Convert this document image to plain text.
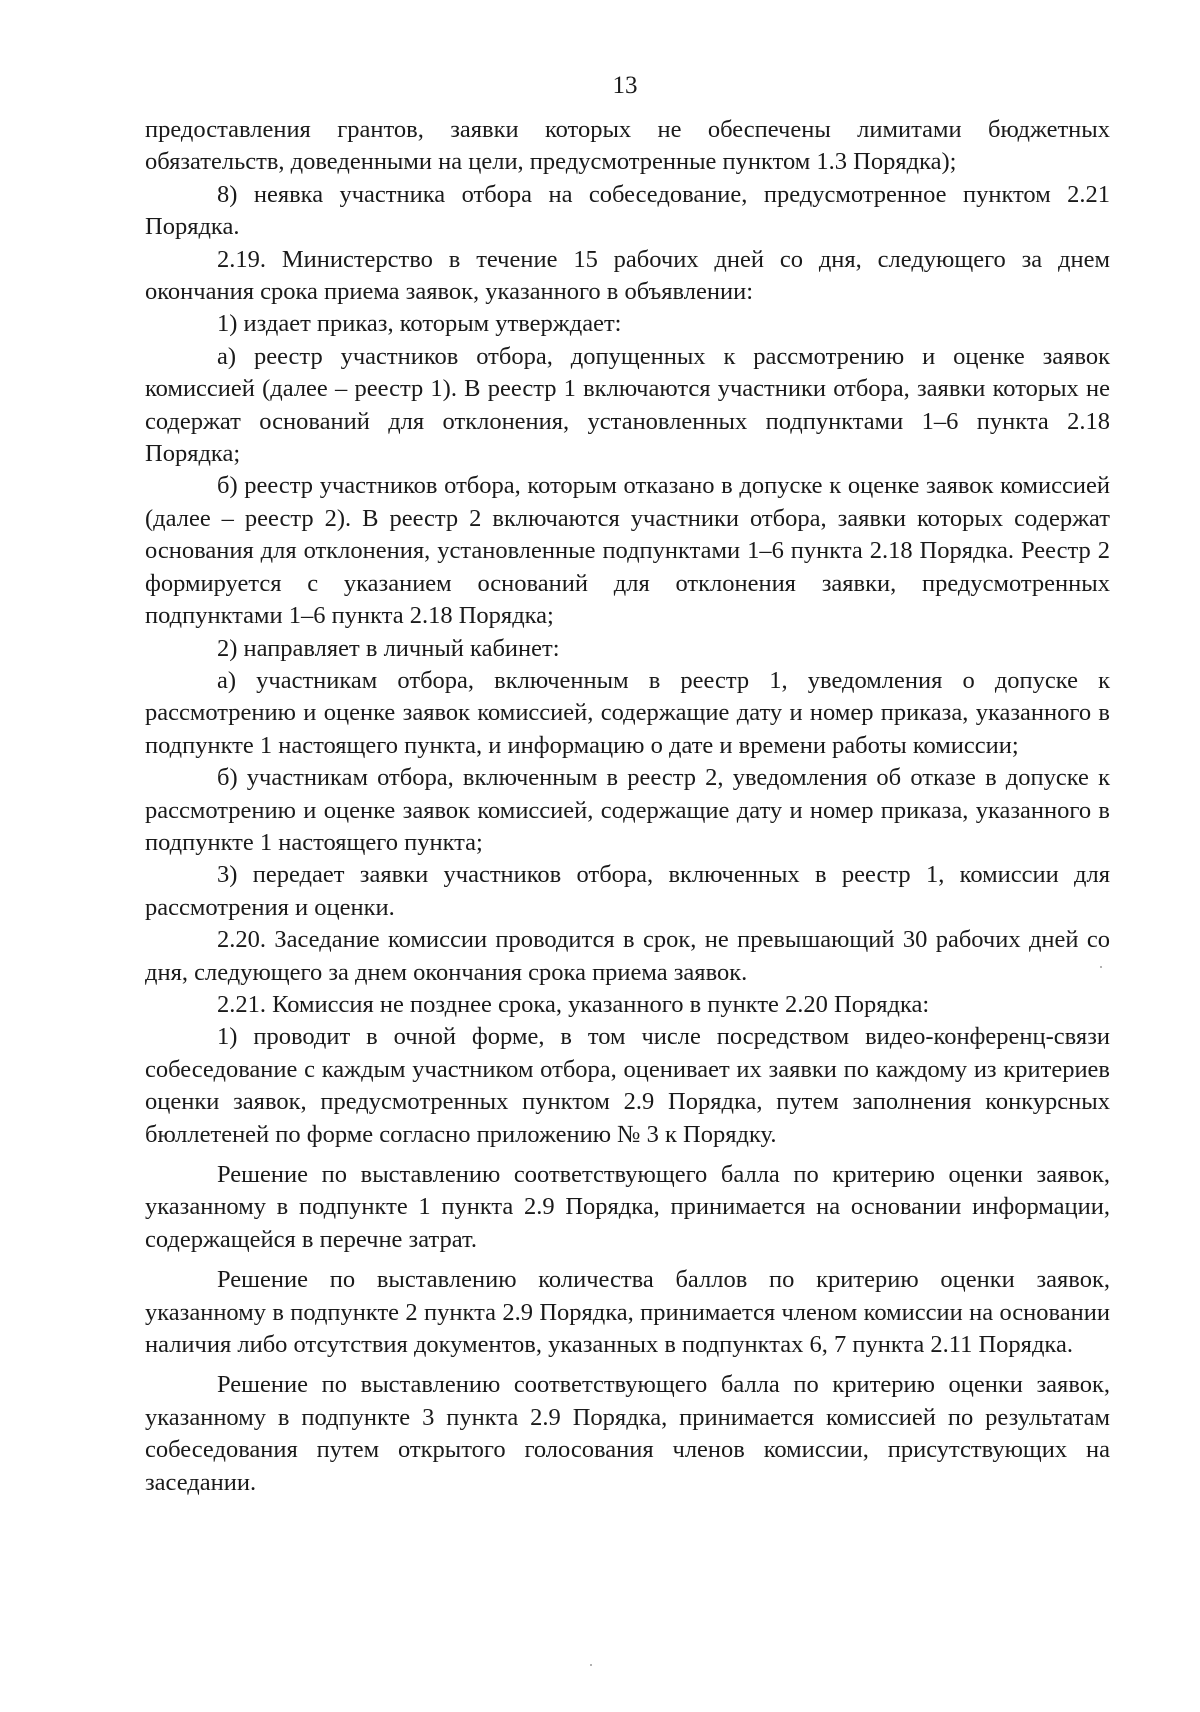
13

предоставления грантов, заявки которых не обеспечены лимитами бюджетных обязательств, доведенными на цели, предусмотренные пунктом 1.3 Порядка);

8) неявка участника отбора на собеседование, предусмотренное пунктом 2.21 Порядка.

2.19. Министерство в течение 15 рабочих дней со дня, следующего за днем окончания срока приема заявок, указанного в объявлении:

1) издает приказ, которым утверждает:

а) реестр участников отбора, допущенных к рассмотрению и оценке заявок комиссией (далее – реестр 1). В реестр 1 включаются участники отбора, заявки которых не содержат оснований для отклонения, установленных подпунктами 1–6 пункта 2.18 Порядка;

б) реестр участников отбора, которым отказано в допуске к оценке заявок комиссией (далее – реестр 2). В реестр 2 включаются участники отбора, заявки которых содержат основания для отклонения, установленные подпунктами 1–6 пункта 2.18 Порядка. Реестр 2 формируется с указанием оснований для отклонения заявки, предусмотренных подпунктами 1–6 пункта 2.18 Порядка;

2) направляет в личный кабинет:

а) участникам отбора, включенным в реестр 1, уведомления о допуске к рассмотрению и оценке заявок комиссией, содержащие дату и номер приказа, указанного в подпункте 1 настоящего пункта, и информацию о дате и времени работы комиссии;

б) участникам отбора, включенным в реестр 2, уведомления об отказе в допуске к рассмотрению и оценке заявок комиссией, содержащие дату и номер приказа, указанного в подпункте 1 настоящего пункта;

3) передает заявки участников отбора, включенных в реестр 1, комиссии для рассмотрения и оценки.

2.20. Заседание комиссии проводится в срок, не превышающий 30 рабочих дней со дня, следующего за днем окончания срока приема заявок.

2.21. Комиссия не позднее срока, указанного в пункте 2.20 Порядка:

1) проводит в очной форме, в том числе посредством видео-конференц-связи собеседование с каждым участником отбора, оценивает их заявки по каждому из критериев оценки заявок, предусмотренных пунктом 2.9 Порядка, путем заполнения конкурсных бюллетеней по форме согласно приложению № 3 к Порядку.

Решение по выставлению соответствующего балла по критерию оценки заявок, указанному в подпункте 1 пункта 2.9 Порядка, принимается на основании информации, содержащейся в перечне затрат.

Решение по выставлению количества баллов по критерию оценки заявок, указанному в подпункте 2 пункта 2.9 Порядка, принимается членом комиссии на основании наличия либо отсутствия документов, указанных в подпунктах 6, 7 пункта 2.11 Порядка.

Решение по выставлению соответствующего балла по критерию оценки заявок, указанному в подпункте 3 пункта 2.9 Порядка, принимается комиссией по результатам собеседования путем открытого голосования членов комиссии, присутствующих на заседании.
